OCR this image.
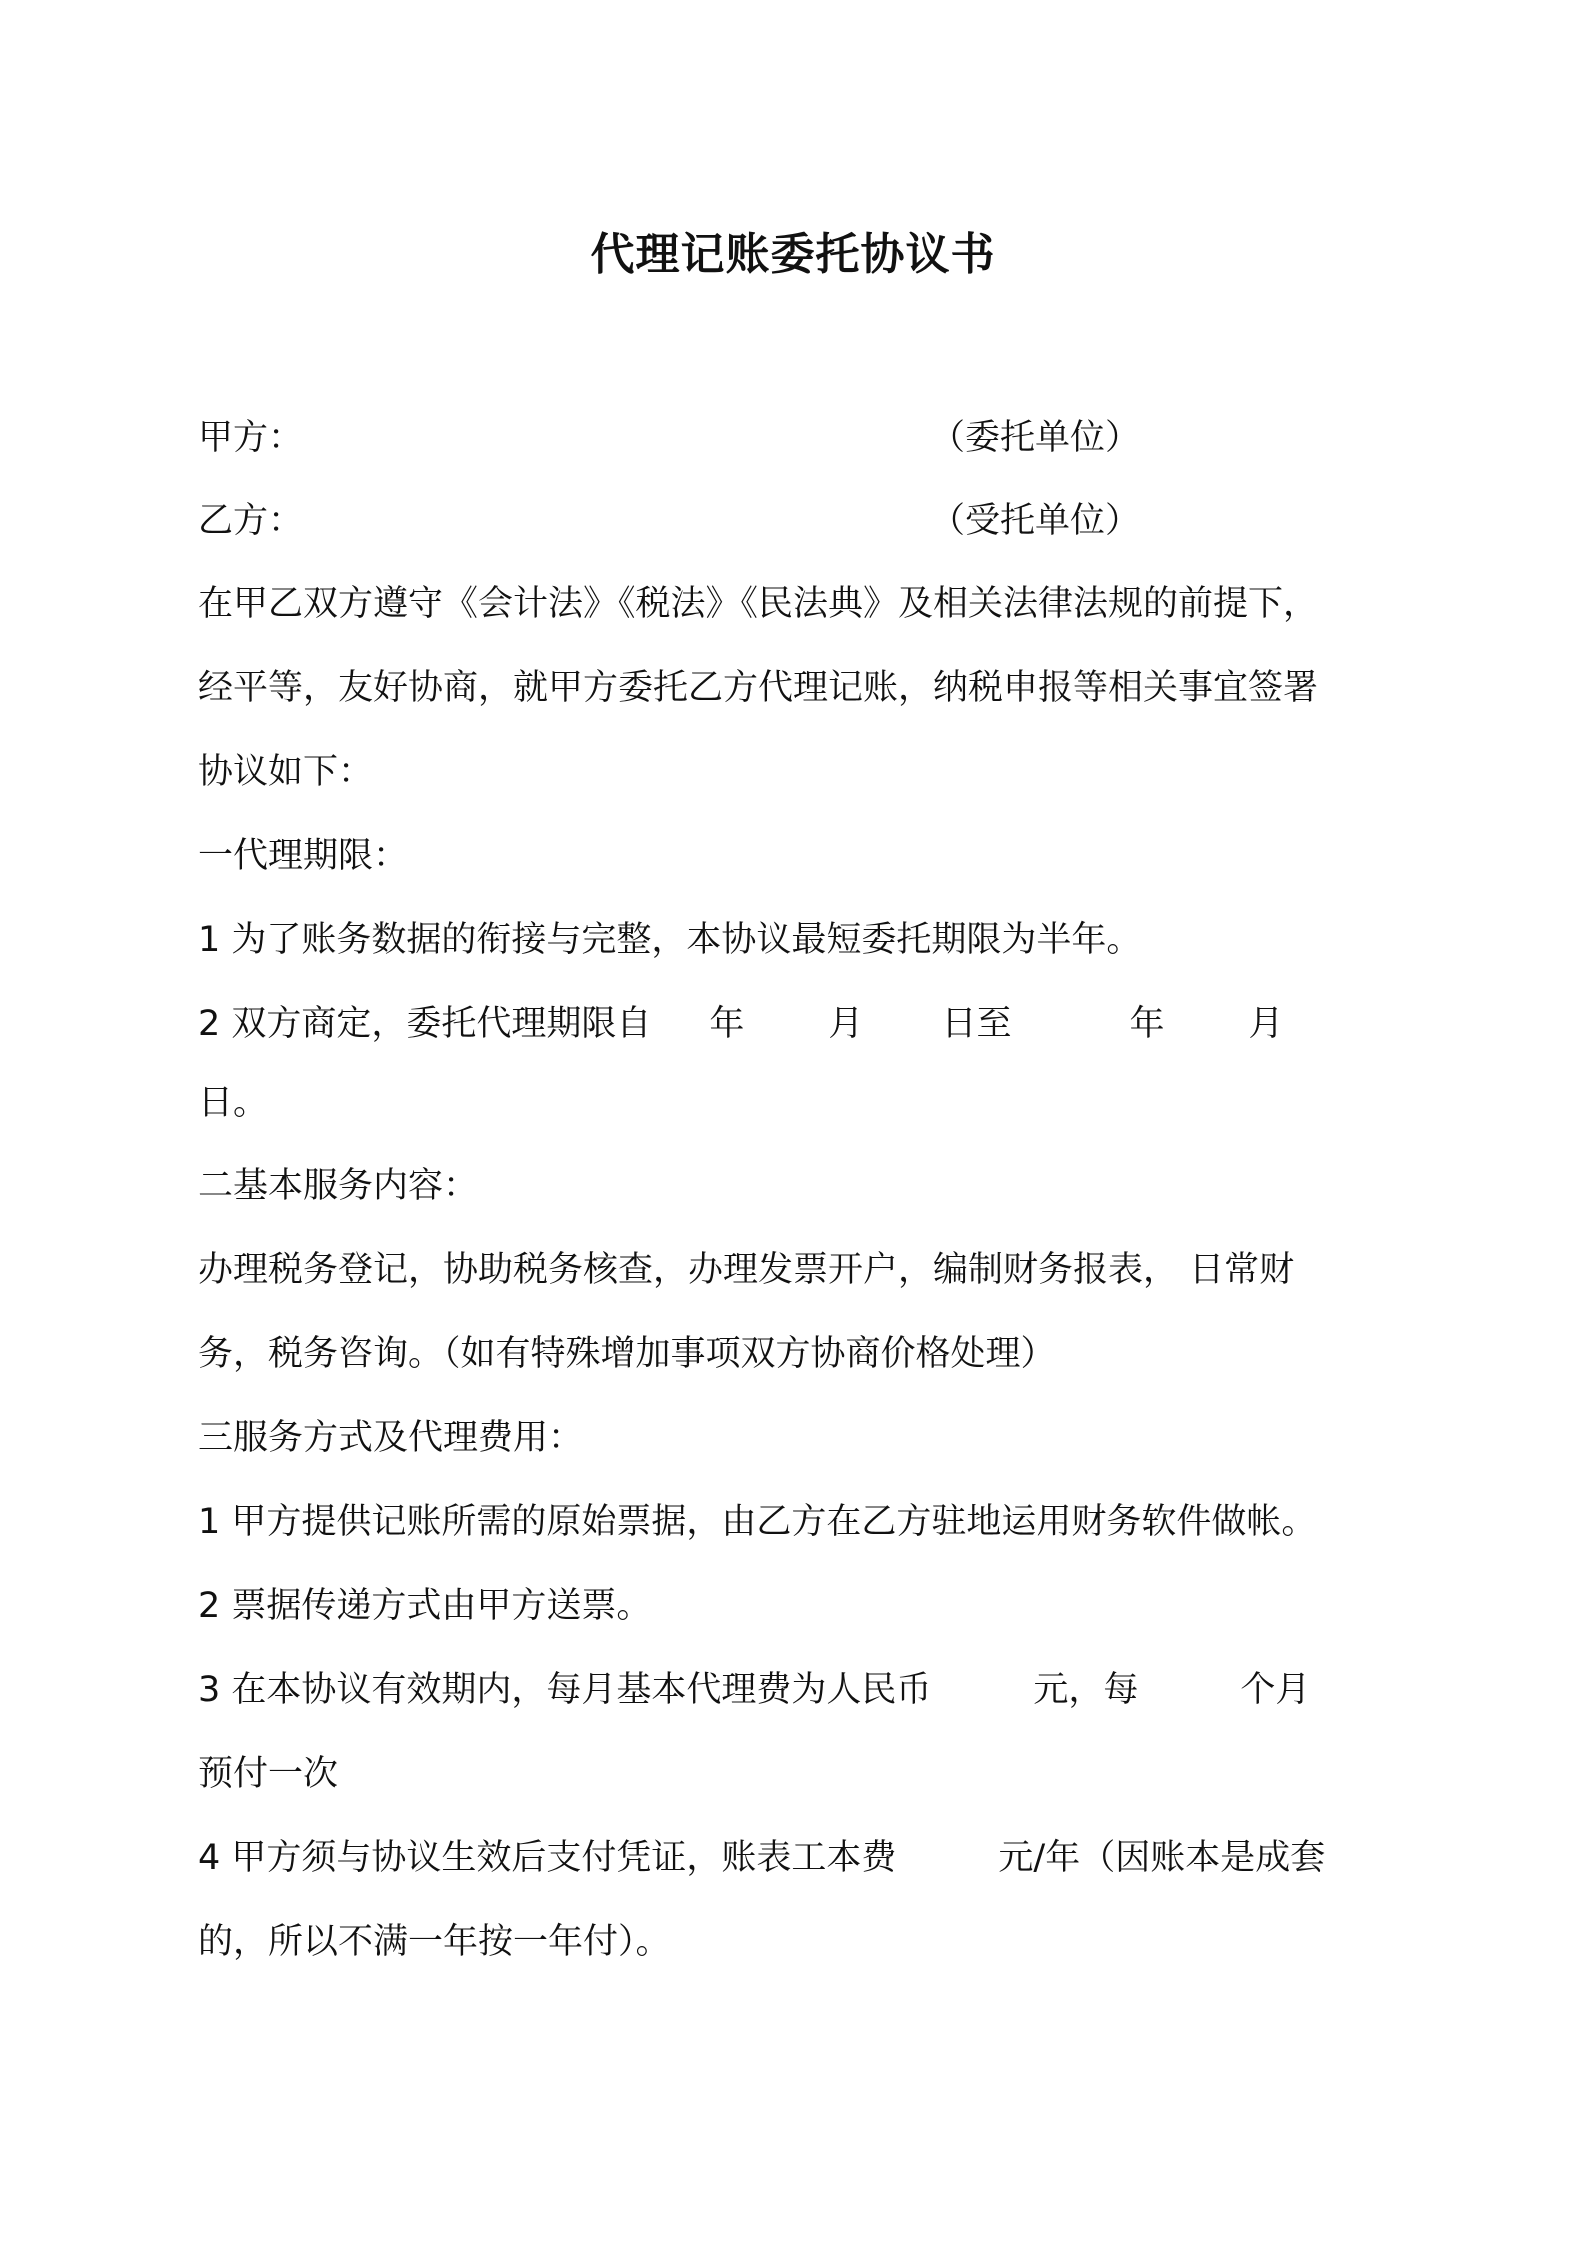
代理记账委托协议书
甲方：	（委托单位）
乙方：	（受托单位）
在甲乙双方遵守《会计法》《税法》《民法典》及相关法律法规的前提下，
经平等，友好协商，就甲方委托乙方代理记账，纳税申报等相关事宜签署
协议如下：
一代理期限：
1 为了账务数据的衔接与完整，本协议最短委托期限为半年。
2 双方商定，委托代理期限自 年 月 日至	年 月
日。
二基本服务内容：
办理税务登记，协助税务核查，办理发票开户，编制财务报表， 日常财
务，税务咨询。（如有特殊增加事项双方协商价格处理）
三服务方式及代理费用：
1 甲方提供记账所需的原始票据，由乙方在乙方驻地运用财务软件做帐。
2 票据传递方式由甲方送票。
3 在本协议有效期内，每月基本代理费为人民币	元，每	个月
预付一次
4 甲方须与协议生效后支付凭证，账表工本费	元/年（因账本是成套
的，所以不满一年按一年付）。
